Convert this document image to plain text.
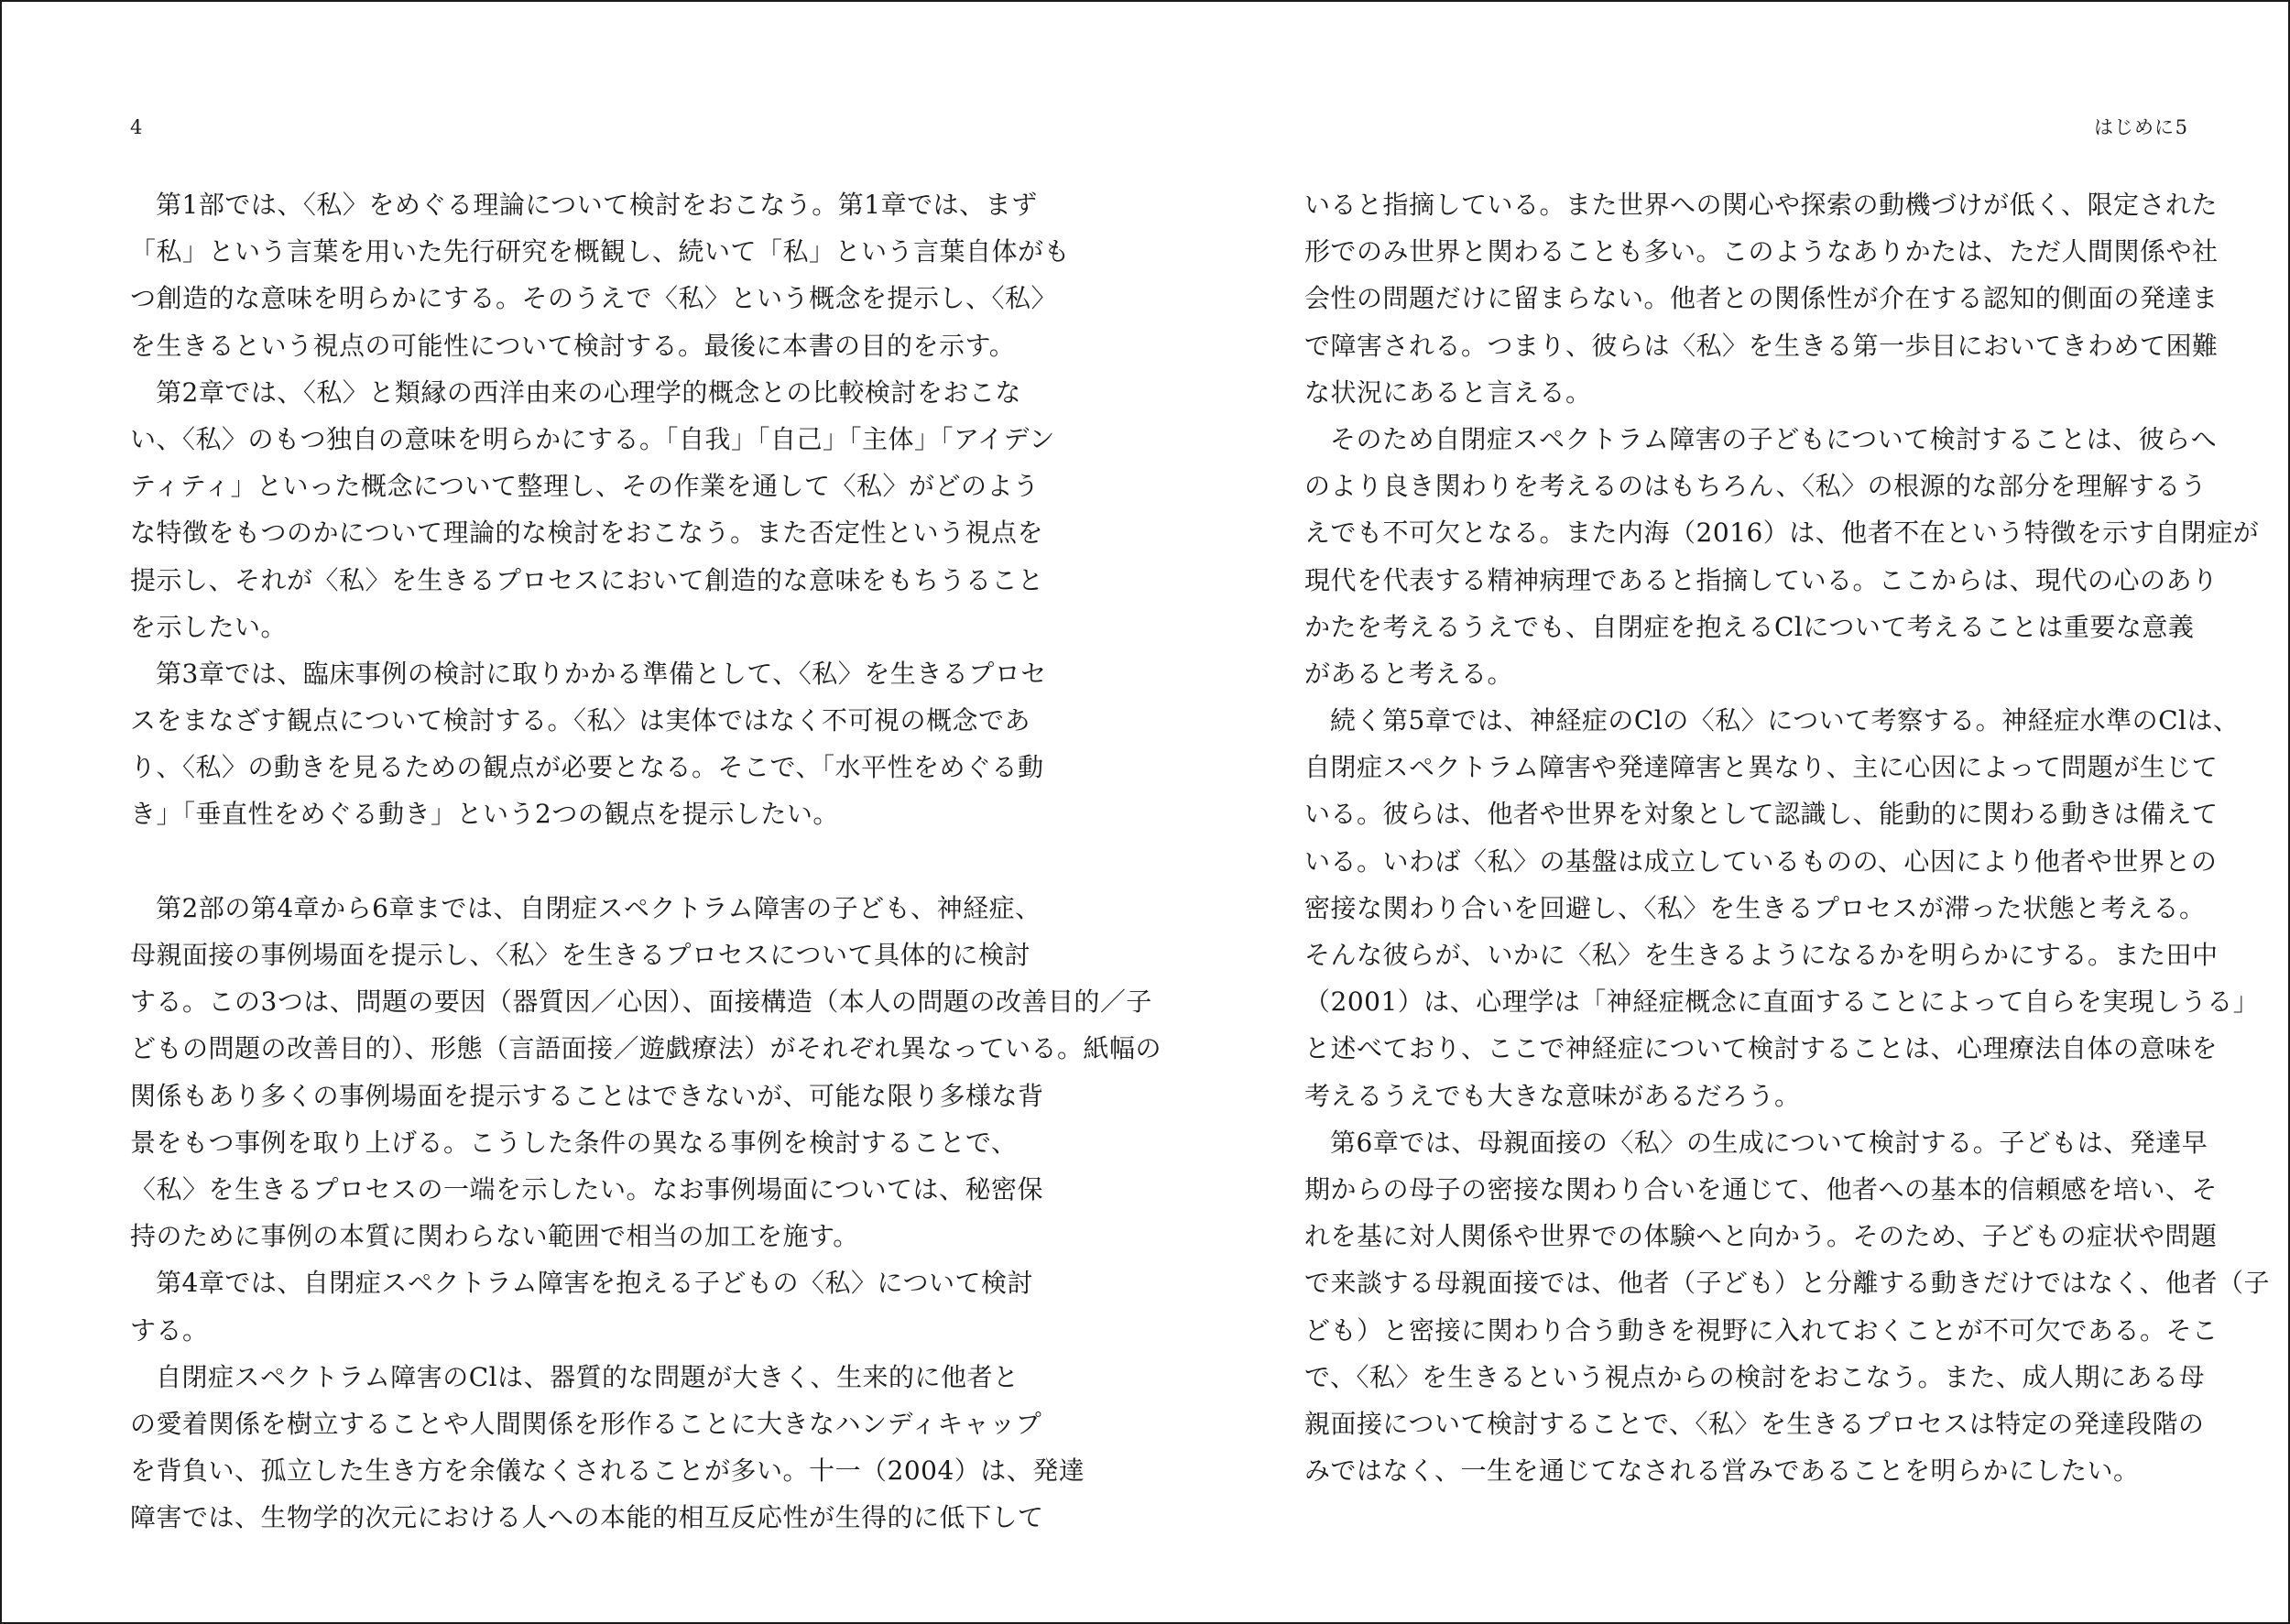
4
第1部では、〈私〉をめぐる理論について検討をおこなう。第1章では、まず
「私」という言葉を用いた先行研究を概観し、続いて「私」という言葉自体がも
つ創造的な意味を明らかにする。そのうえで〈私〉という概念を提示し、〈私〉
を生きるという視点の可能性について検討する。最後に本書の目的を示す。
第2章では、〈私〉と類縁の西洋由来の心理学的概念との比較検討をおこな
い、〈私〉のもつ独自の意味を明らかにする。「自我」「自己」「主体」「アイデン
ティティ」といった概念について整理し、その作業を通して〈私〉がどのよう
な特徴をもつのかについて理論的な検討をおこなう。また否定性という視点を
提示し、それが〈私〉を生きるプロセスにおいて創造的な意味をもちうること
を示したい。
第3章では、臨床事例の検討に取りかかる準備として、〈私〉を生きるプロセ
スをまなざす観点について検討する。〈私〉は実体ではなく不可視の概念であ
り、〈私〉の動きを見るための観点が必要となる。そこで、「水平性をめぐる動
き」「垂直性をめぐる動き」という2つの観点を提示したい。
第2部の第4章から6章までは、自閉症スペクトラム障害の子ども、神経症、
母親面接の事例場面を提示し、〈私〉を生きるプロセスについて具体的に検討
する。この3つは、問題の要因（器質因／心因）、面接構造（本人の問題の改善目的／子
どもの問題の改善目的）、形態（言語面接／遊戯療法）がそれぞれ異なっている。紙幅の
関係もあり多くの事例場面を提示することはできないが、可能な限り多様な背
景をもつ事例を取り上げる。こうした条件の異なる事例を検討することで、
〈私〉を生きるプロセスの一端を示したい。なお事例場面については、秘密保
持のために事例の本質に関わらない範囲で相当の加工を施す。
第4章では、自閉症スペクトラム障害を抱える子どもの〈私〉について検討
する。
自閉症スペクトラム障害のClは、器質的な問題が大きく、生来的に他者と
の愛着関係を樹立することや人間関係を形作ることに大きなハンディキャップ
を背負い、孤立した生き方を余儀なくされることが多い。十一（2004）は、発達
障害では、生物学的次元における人への本能的相互反応性が生得的に低下して
はじめに 5
いると指摘している。また世界への関心や探索の動機づけが低く、限定された
形でのみ世界と関わることも多い。このようなありかたは、ただ人間関係や社
会性の問題だけに留まらない。他者との関係性が介在する認知的側面の発達ま
で障害される。つまり、彼らは〈私〉を生きる第一歩目においてきわめて困難
な状況にあると言える。
そのため自閉症スペクトラム障害の子どもについて検討することは、彼らへ
のより良き関わりを考えるのはもちろん、〈私〉の根源的な部分を理解するう
えでも不可欠となる。また内海（2016）は、他者不在という特徴を示す自閉症が
現代を代表する精神病理であると指摘している。ここからは、現代の心のあり
かたを考えるうえでも、自閉症を抱えるClについて考えることは重要な意義
があると考える。
続く第5章では、神経症のClの〈私〉について考察する。神経症水準のClは、
自閉症スペクトラム障害や発達障害と異なり、主に心因によって問題が生じて
いる。彼らは、他者や世界を対象として認識し、能動的に関わる動きは備えて
いる。いわば〈私〉の基盤は成立しているものの、心因により他者や世界との
密接な関わり合いを回避し、〈私〉を生きるプロセスが滞った状態と考える。
そんな彼らが、いかに〈私〉を生きるようになるかを明らかにする。また田中
（2001）は、心理学は「神経症概念に直面することによって自らを実現しうる」
と述べており、ここで神経症について検討することは、心理療法自体の意味を
考えるうえでも大きな意味があるだろう。
第6章では、母親面接の〈私〉の生成について検討する。子どもは、発達早
期からの母子の密接な関わり合いを通じて、他者への基本的信頼感を培い、そ
れを基に対人関係や世界での体験へと向かう。そのため、子どもの症状や問題
で来談する母親面接では、他者（子ども）と分離する動きだけではなく、他者（子
ども）と密接に関わり合う動きを視野に入れておくことが不可欠である。そこ
で、〈私〉を生きるという視点からの検討をおこなう。また、成人期にある母
親面接について検討することで、〈私〉を生きるプロセスは特定の発達段階の
みではなく、一生を通じてなされる営みであることを明らかにしたい。
